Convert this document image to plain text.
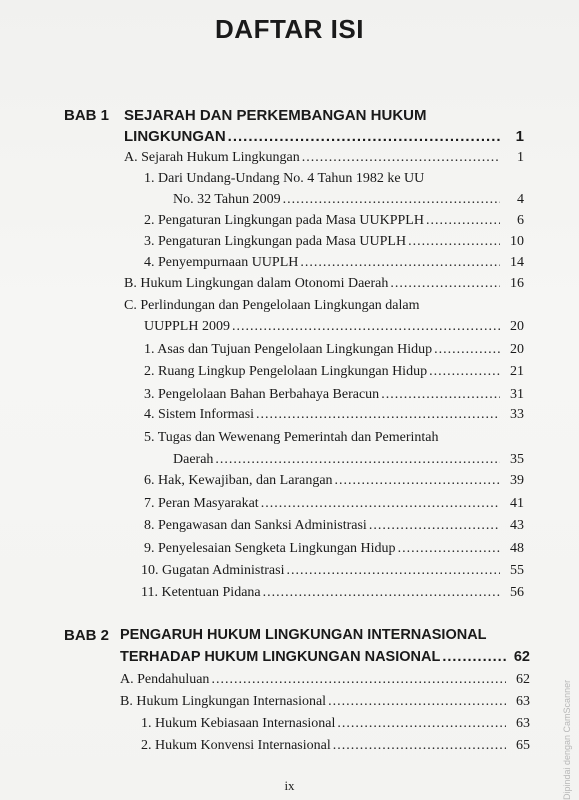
DAFTAR ISI
BAB 1 SEJARAH DAN PERKEMBANGAN HUKUM
LINGKUNGAN .....	1
A. Sejarah Hukum Lingkungan .....	1
1. Dari Undang-Undang No. 4 Tahun 1982 ke UU
No. 32 Tahun 2009 .....	4
2. Pengaturan Lingkungan pada Masa UUKPPLH .....	6
3. Pengaturan Lingkungan pada Masa UUPLH .....	10
4. Penyempurnaan UUPLH .....	14
B. Hukum Lingkungan dalam Otonomi Daerah .....	16
C. Perlindungan dan Pengelolaan Lingkungan dalam
UUPPLH 2009 .....	20
1. Asas dan Tujuan Pengelolaan Lingkungan Hidup .....	20
2. Ruang Lingkup Pengelolaan Lingkungan Hidup .....	21
3. Pengelolaan Bahan Berbahaya Beracun .....	31
4. Sistem Informasi .....	33
5. Tugas dan Wewenang Pemerintah dan Pemerintah
Daerah .....	35
6. Hak, Kewajiban, dan Larangan .....	39
7. Peran Masyarakat .....	41
8. Pengawasan dan Sanksi Administrasi .....	43
9. Penyelesaian Sengketa Lingkungan Hidup .....	48
10. Gugatan Administrasi .....	55
11. Ketentuan Pidana .....	56
BAB 2 PENGARUH HUKUM LINGKUNGAN INTERNASIONAL
TERHADAP HUKUM LINGKUNGAN NASIONAL .....	62
A. Pendahuluan .....	62
B. Hukum Lingkungan Internasional .....	63
1. Hukum Kebiasaan Internasional .....	63
2. Hukum Konvensi Internasional .....	65
ix	Dipindai dengan CamScanner
